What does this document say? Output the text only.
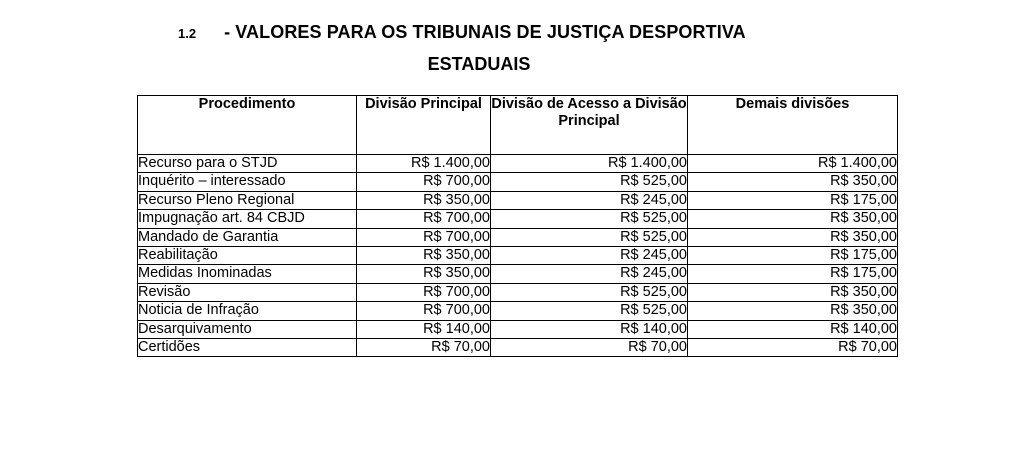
1.2 - VALORES PARA OS TRIBUNAIS DE JUSTIÇA DESPORTIVA
ESTADUAIS
Procedimento	Divisão Principal	Divisão de Acesso a Divisão Principal	Demais divisões
Recurso para o STJD	R$ 1.400,00	R$ 1.400,00	R$ 1.400,00
Inquérito – interessado	R$ 700,00	R$ 525,00	R$ 350,00
Recurso Pleno Regional	R$ 350,00	R$ 245,00	R$ 175,00
Impugnação art. 84 CBJD	R$ 700,00	R$ 525,00	R$ 350,00
Mandado de Garantia	R$ 700,00	R$ 525,00	R$ 350,00
Reabilitação	R$ 350,00	R$ 245,00	R$ 175,00
Medidas Inominadas	R$ 350,00	R$ 245,00	R$ 175,00
Revisão	R$ 700,00	R$ 525,00	R$ 350,00
Noticia de Infração	R$ 700,00	R$ 525,00	R$ 350,00
Desarquivamento	R$ 140,00	R$ 140,00	R$ 140,00
Certidões	R$ 70,00	R$ 70,00	R$ 70,00
